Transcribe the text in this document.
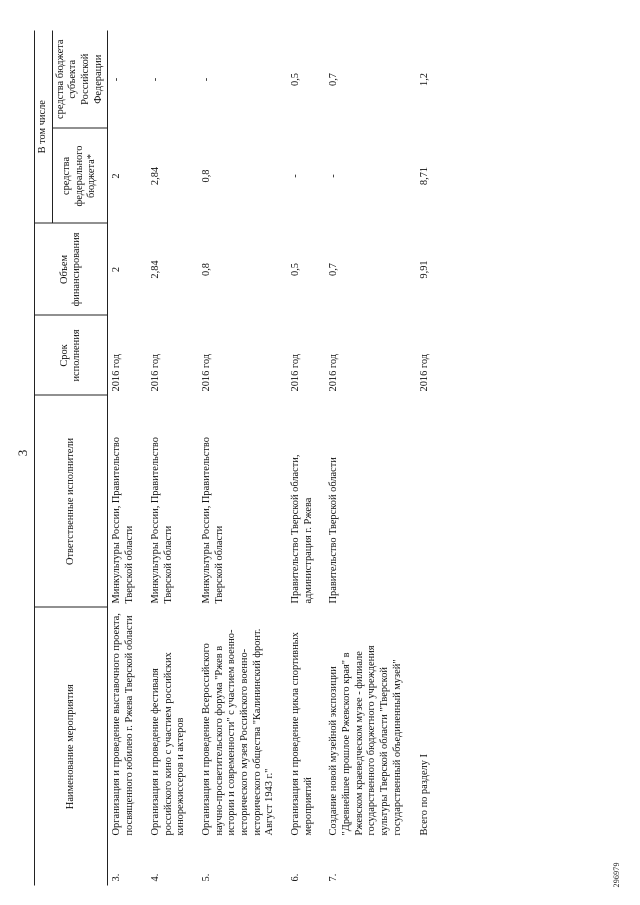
3
Наименование мероприятия		Ответственные исполнители	Срок исполнения	Объем финансирования	В том числе	
					средства федерального бюджета*	средства бюджета субъекта Российской Федерации
3.	Организация и проведение выставочного проекта, посвященного юбилею г. Ржева Тверской области	Минкультуры России, Правительство Тверской области	2016 год	2	2	-
4.	Организация и проведение фестиваля российского кино с участием российских кинорежиссеров и актеров	Минкультуры России, Правительство Тверской области	2016 год	2,84	2,84	-
5.	Организация и проведение Всероссийского научно-просветительского форума "Ржев в истории и современности" с участием военно-исторического музея Российского военно-исторического общества "Калининский фронт. Август 1943 г."	Минкультуры России, Правительство Тверской области	2016 год	0,8	0,8	-
6.	Организация и проведение цикла спортивных мероприятий	Правительство Тверской области, администрация г. Ржева	2016 год	0,5	-	0,5
7.	Создание новой музейной экспозиции "Древнейшее прошлое Ржевского края" в Ржевском краеведческом музее - филиале государственного бюджетного учреждения культуры Тверской области "Тверской государственный объединенный музей"	Правительство Тверской области	2016 год	0,7	-	0,7
	Всего по разделу I		2016 год	9,91	8,71	1,2
296979
